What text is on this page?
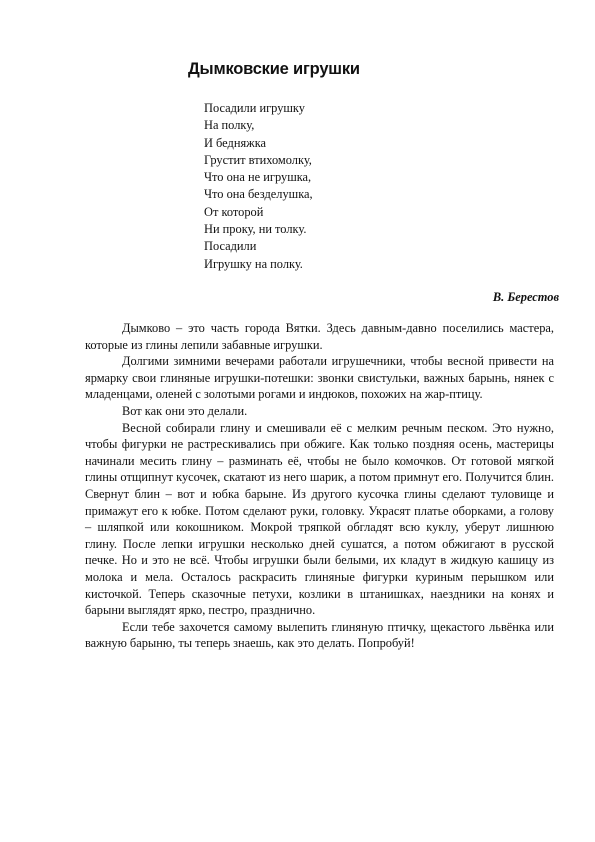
Дымковские игрушки
Посадили игрушку
На полку,
И бедняжка
Грустит втихомолку,
Что она не игрушка,
Что она безделушка,
От которой
Ни проку, ни толку.
Посадили
Игрушку на полку.
В. Берестов

Дымково – это часть города Вятки. Здесь давным-давно поселились мастера, которые из глины лепили забавные игрушки.

Долгими зимними вечерами работали игрушечники, чтобы весной привести на ярмарку свои глиняные игрушки-потешки: звонки свистульки, важных барынь, нянек с младенцами, оленей с золотыми рогами и индюков, похожих на жар-птицу.

Вот как они это делали.

Весной собирали глину и смешивали её с мелким речным песком. Это нужно, чтобы фигурки не растрескивались при обжиге. Как только поздняя осень, мастерицы начинали месить глину – разминать её, чтобы не было комочков. От готовой мягкой глины отщипнут кусочек, скатают из него шарик, а потом примнут его. Получится блин. Свернут блин – вот и юбка барыне. Из другого кусочка глины сделают туловище и примажут его к юбке. Потом сделают руки, головку. Украсят платье оборками, а голову – шляпкой или кокошником. Мокрой тряпкой обгладят всю куклу, уберут лишнюю глину. После лепки игрушки несколько дней сушатся, а потом обжигают в русской печке. Но и это не всё. Чтобы игрушки были белыми, их кладут в жидкую кашицу из молока и мела. Осталось раскрасить глиняные фигурки куриным перышком или кисточкой. Теперь сказочные петухи, козлики в штанишках, наездники на конях и барыни выглядят ярко, пестро, празднично.

Если тебе захочется самому вылепить глиняную птичку, щекастого львёнка или важную барыню, ты теперь знаешь, как это делать. Попробуй!
